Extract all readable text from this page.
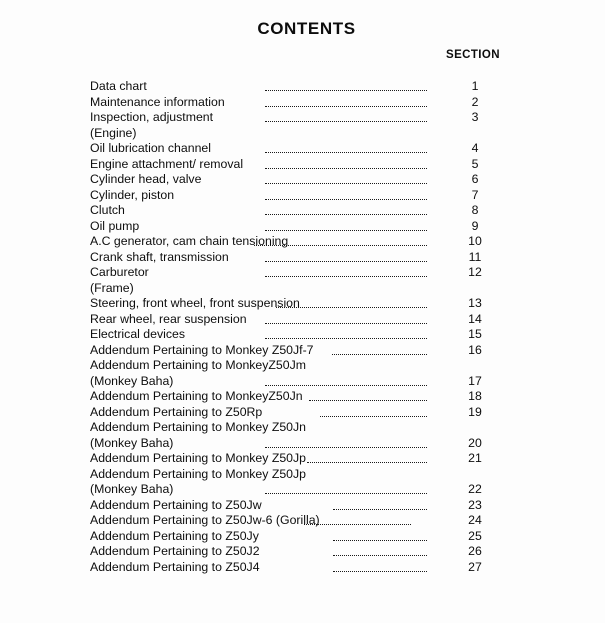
CONTENTS
SECTION
Data chart	1
Maintenance information	2
Inspection, adjustment	3
(Engine)
Oil lubrication channel	4
Engine attachment/ removal	5
Cylinder head, valve	6
Cylinder, piston	7
Clutch	8
Oil pump	9
A.C generator, cam chain tensioning	10
Crank shaft, transmission	11
Carburetor	12
(Frame)
Steering, front wheel, front suspension	13
Rear wheel, rear suspension	14
Electrical devices	15
Addendum Pertaining to Monkey Z50Jf-7	16
Addendum Pertaining to MonkeyZ50Jm
(Monkey Baha)	17
Addendum Pertaining to MonkeyZ50Jn	18
Addendum Pertaining to Z50Rp	19
Addendum Pertaining to Monkey Z50Jn
(Monkey Baha)	20
Addendum Pertaining to Monkey Z50Jp	21
Addendum Pertaining to Monkey Z50Jp
(Monkey Baha)	22
Addendum Pertaining to Z50Jw	23
Addendum Pertaining to Z50Jw-6 (Gorilla)	24
Addendum Pertaining to Z50Jy	25
Addendum Pertaining to Z50J2	26
Addendum Pertaining to Z50J4	27
